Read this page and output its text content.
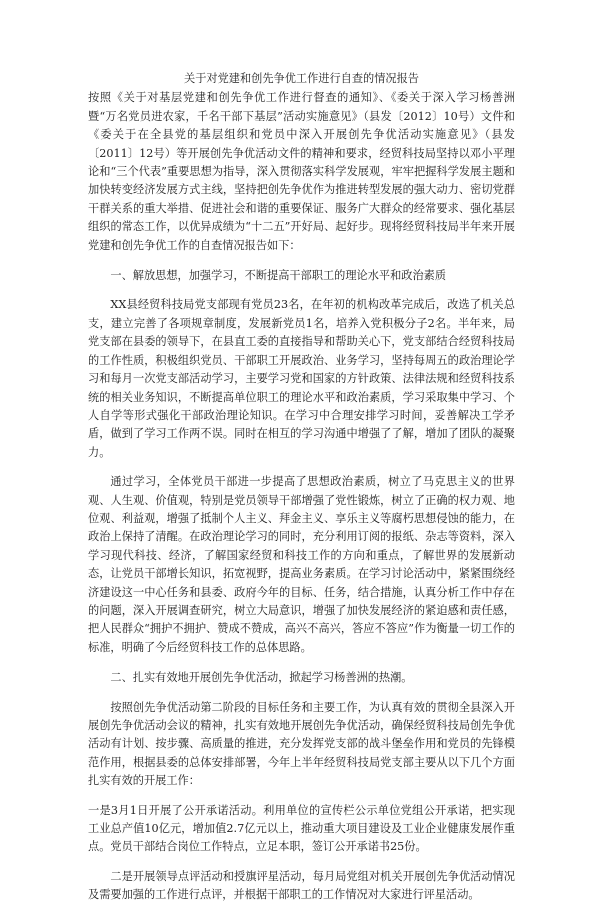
关于对党建和创先争优工作进行自查的情况报告

按照《关于对基层党建和创先争优工作进行督查的通知》、《委关于深入学习杨善洲暨“万名党员进农家，千名干部下基层”活动实施意见》（县发〔2012〕10号）文件和《委关于在全县党的基层组织和党员中深入开展创先争优活动实施意见》（县发〔2011〕12号）等开展创先争优活动文件的精神和要求，经贸科技局坚持以邓小平理论和“三个代表”重要思想为指导，深入贯彻落实科学发展观，牢牢把握科学发展主题和加快转变经济发展方式主线，坚持把创先争优作为推进转型发展的强大动力、密切党群干群关系的重大举措、促进社会和谐的重要保证、服务广大群众的经常要求、强化基层组织的常态工作，以优异成绩为“十二五”开好局、起好步。现将经贸科技局半年来开展党建和创先争优工作的自查情况报告如下：

一、解放思想，加强学习，不断提高干部职工的理论水平和政治素质

XX县经贸科技局党支部现有党员23名，在年初的机构改革完成后，改选了机关总支，建立完善了各项规章制度，发展新党员1名，培养入党积极分子2名。半年来，局党支部在县委的领导下，在县直工委的直接指导和帮助关心下，党支部结合经贸科技局的工作性质，积极组织党员、干部职工开展政治、业务学习，坚持每周五的政治理论学习和每月一次党支部活动学习，主要学习党和国家的方针政策、法律法规和经贸科技系统的相关业务知识，不断提高单位职工的理论水平和政治素质，学习采取集中学习、个人自学等形式强化干部政治理论知识。在学习中合理安排学习时间，妥善解决工学矛盾，做到了学习工作两不误。同时在相互的学习沟通中增强了了解，增加了团队的凝聚力。

通过学习，全体党员干部进一步提高了思想政治素质，树立了马克思主义的世界观、人生观、价值观，特别是党员领导干部增强了党性锻炼，树立了正确的权力观、地位观、利益观，增强了抵制个人主义、拜金主义、享乐主义等腐朽思想侵蚀的能力，在政治上保持了清醒。在政治理论学习的同时，充分利用订阅的报纸、杂志等资料，深入学习现代科技、经济，了解国家经贸和科技工作的方向和重点，了解世界的发展新动态，让党员干部增长知识，拓宽视野，提高业务素质。在学习讨论活动中，紧紧围绕经济建设这一中心任务和县委、政府今年的目标、任务，结合措施，认真分析工作中存在的问题，深入开展调查研究，树立大局意识，增强了加快发展经济的紧迫感和责任感，把人民群众“拥护不拥护、赞成不赞成，高兴不高兴，答应不答应”作为衡量一切工作的标准，明确了今后经贸科技工作的总体思路。

二、扎实有效地开展创先争优活动，掀起学习杨善洲的热潮。

按照创先争优活动第二阶段的目标任务和主要工作，为认真有效的贯彻全县深入开展创先争优活动会议的精神，扎实有效地开展创先争优活动，确保经贸科技局创先争优活动有计划、按步骤、高质量的推进，充分发挥党支部的战斗堡垒作用和党员的先锋模范作用，根据县委的总体安排部署，今年上半年经贸科技局党支部主要从以下几个方面扎实有效的开展工作：

一是3月1日开展了公开承诺活动。利用单位的宣传栏公示单位党组公开承诺，把实现工业总产值10亿元，增加值2.7亿元以上，推动重大项目建设及工业企业健康发展作重点。党员干部结合岗位工作特点，立足本职，签订公开承诺书25份。

二是开展领导点评活动和授旗评星活动，每月局党组对机关开展创先争优活动情况及需要加强的工作进行点评，并根据干部职工的工作情况对大家进行评星活动。
